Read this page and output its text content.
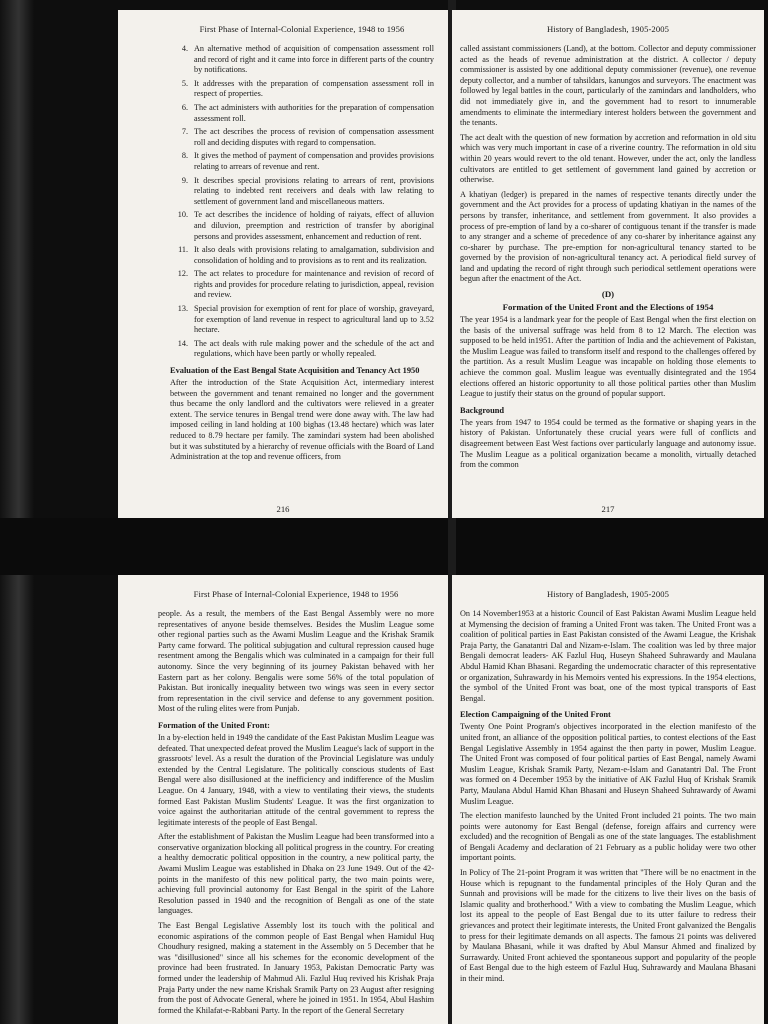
First Phase of Internal-Colonial Experience, 1948 to 1956
4. An alternative method of acquisition of compensation assessment roll and record of right and it came into force in different parts of the country by notifications.
5. It addresses with the preparation of compensation assessment roll in respect of properties.
6. The act administers with authorities for the preparation of compensation assessment roll.
7. The act describes the process of revision of compensation assessment roll and deciding disputes with regard to compensation.
8. It gives the method of payment of compensation and provides provisions relating to arrears of revenue and rent.
9. It describes special provisions relating to arrears of rent, provisions relating to indebted rent receivers and deals with law relating to settlement of government land and miscellaneous matters.
10. Te act describes the incidence of holding of raiyats, effect of alluvion and diluvion, preemption and restriction of transfer by aboriginal persons and provides assessment, enhancement and reduction of rent.
11. It also deals with provisions relating to amalgamation, subdivision and consolidation of holding and to provisions as to rent and its realization.
12. The act relates to procedure for maintenance and revision of record of rights and provides for procedure relating to jurisdiction, appeal, revision and review.
13. Special provision for exemption of rent for place of worship, graveyard, for exemption of land revenue in respect to agricultural land up to 3.52 hectare.
14. The act deals with rule making power and the schedule of the act and regulations, which have been partly or wholly repealed.
Evaluation of the East Bengal State Acquisition and Tenancy Act 1950

After the introduction of the State Acquisition Act, intermediary interest between the government and tenant remained no longer and the government thus became the only landlord and the cultivators were relieved in a greater extent. The service tenures in Bengal trend were done away with. The law had imposed ceiling in land holding at 100 bighas (13.48 hectare) which was later reduced to 8.79 hectare per family. The zamindari system had been abolished but it was substituted by a hierarchy of revenue officials with the Board of Land Administration at the top and revenue officers, from

216
History of Bangladesh, 1905-2005

called assistant commissioners (Land), at the bottom. Collector and deputy commissioner acted as the heads of revenue administration at the district. A collector / deputy commissioner is assisted by one additional deputy commissioner (revenue), one revenue deputy collector, and a number of tahsildars, kanungos and surveyors. The enactment was followed by legal battles in the court, particularly of the zamindars and landholders, who did not immediately give in, and the government had to resort to innumerable amendments to eliminate the intermediary interest holders between the government and the tenants.

The act dealt with the question of new formation by accretion and reformation in old situ which was very much important in case of a riverine country. The reformation in old situ within 20 years would revert to the old tenant. However, under the act, only the landless cultivators are entitled to get settlement of government land gained by accretion or otherwise.

A khatiyan (ledger) is prepared in the names of respective tenants directly under the government and the Act provides for a process of updating khatiyan in the names of the persons by transfer, inheritance, and settlement from government. It also provides a process of pre-emption of land by a co-sharer of contiguous tenant if the transfer is made to any stranger and a scheme of precedence of any co-sharer by inheritance against any co-sharer by purchase. The pre-emption for non-agricultural tenancy started to be governed by the provision of non-agricultural tenancy act. A periodical field survey of land and updating the record of right through such periodical settlement operations were begun after the enactment of the Act.

(D)
Formation of the United Front and the Elections of 1954

The year 1954 is a landmark year for the people of East Bengal when the first election on the basis of the universal suffrage was held from 8 to 12 March. The election was supposed to be held in1951. After the partition of India and the achievement of Pakistan, the Muslim League was failed to transform itself and respond to the challenges offered by the partition. As a result Muslim League was incapable on holding those elements to achieve the common goal. Muslim league was eventually disintegrated and the 1954 elections offered an historic opportunity to all those political parties other than Muslim League to justify their status on the ground of popular support.

Background

The years from 1947 to 1954 could be termed as the formative or shaping years in the history of Pakistan. Unfortunately these crucial years were full of conflicts and disagreement between East West factions over particularly language and autonomy issue. The Muslim League as a political organization became a monolith, virtually detached from the common

217
First Phase of Internal-Colonial Experience, 1948 to 1956

people. As a result, the members of the East Bengal Assembly were no more representatives of anyone beside themselves. Besides the Muslim League some other regional parties such as the Awami Muslim League and the Krishak Sramik Party came forward. The political subjugation and cultural repression caused huge resentment among the Bengalis which was culminated in a campaign for their full autonomy. Since the very beginning of its journey Pakistan behaved with her Eastern part as her colony. Bengalis were some 56% of the total population of Pakistan. But ironically inequality between two wings was seen in every sector from representation in the civil service and defense to any government position. Most of the ruling elites were from Punjab.

Formation of the United Front:

In a by-election held in 1949 the candidate of the East Pakistan Muslim League was defeated. That unexpected defeat proved the Muslim League's lack of support in the grassroots' level. As a result the duration of the Provincial Legislature was unduly extended by the Central Legislature. The politically conscious students of East Bengal were also disillusioned at the inefficiency and indifference of the Muslim League. On 4 January, 1948, with a view to ventilating their views, the students formed East Pakistan Muslim Students' League. It was the first organization to voice against the authoritarian attitude of the central government to repress the legitimate interests of the people of East Bengal.

After the establishment of Pakistan the Muslim League had been transformed into a conservative organization blocking all political progress in the country. For creating a healthy democratic political opposition in the country, a new political party, the Awami Muslim League was established in Dhaka on 23 June 1949. Out of the 42-points in the manifesto of this new political party, the two main points were, achieving full provincial autonomy for East Bengal in the spirit of the Lahore Resolution passed in 1940 and the recognition of Bengali as one of the state languages.

The East Bengal Legislative Assembly lost its touch with the political and economic aspirations of the common people of East Bengal when Hamidul Huq Choudhury resigned, making a statement in the Assembly on 5 December that he was "disillusioned" since all his schemes for the economic development of the province had been frustrated. In January 1953, Pakistan Democratic Party was formed under the leadership of Mahmud Ali. Fazlul Huq revived his Krishak Praja Praja Party under the new name Krishak Sramik Party on 23 August after resigning from the post of Advocate General, where he joined in 1951. In 1954, Abul Hashim formed the Khilafat-e-Rabbani Party. In the report of the General Secretary

History of Bangladesh, 1905-2005

On 14 November1953 at a historic Council of East Pakistan Awami Muslim League held at Mymensing the decision of framing a United Front was taken. The United Front was a coalition of political parties in East Pakistan consisted of the Awami League, the Krishak Praja Party, the Ganatantri Dal and Nizam-e-Islam. The coalition was led by three major Bengali democrat leaders- AK Fazlul Huq, Huseyn Shaheed Suhrawardy and Maulana Abdul Hamid Khan Bhasani. Regarding the undemocratic character of this representative or organization, Suhrawardy in his Memoirs vented his expressions. In the 1954 elections, the symbol of the United Front was boat, one of the most typical transports of East Bengal.

Election Campaigning of the United Front

Twenty One Point Program's objectives incorporated in the election manifesto of the united front, an alliance of the opposition political parties, to contest elections of the East Bengal Legislative Assembly in 1954 against the then party in power, Muslim League. The United Front was composed of four political parties of East Bengal, namely Awami Muslim League, Krishak Sramik Party, Nezam-e-Islam and Ganatantri Dal. The Front was formed on 4 December 1953 by the initiative of AK Fazlul Huq of Krishak Sramik Party, Maulana Abdul Hamid Khan Bhasani and Huseyn Shaheed Suhrawardy of Awami Muslim League.

The election manifesto launched by the United Front included 21 points. The two main points were autonomy for East Bengal (defense, foreign affairs and currency were excluded) and the recognition of Bengali as one of the state languages. The establishment of Bengali Academy and declaration of 21 February as a public holiday were two other important points.

In Policy of The 21-point Program it was written that "There will be no enactment in the House which is repugnant to the fundamental principles of the Holy Quran and the Sunnah and provisions will be made for the citizens to live their lives on the basis of Islamic quality and brotherhood." With a view to combating the Muslim League, which lost its appeal to the people of East Bengal due to its utter failure to redress their grievances and protect their legitimate interests, the United Front galvanized the Bengalis to press for their legitimate demands on all aspects. The famous 21 points was delivered by Maulana Bhasani, while it was drafted by Abul Mansur Ahmed and finalized by Surrawardy. United Front achieved the spontaneous support and popularity of the people of East Bengal due to the high esteem of Fazlul Huq, Suhrawardy and Maulana Bhasani in their mind.
